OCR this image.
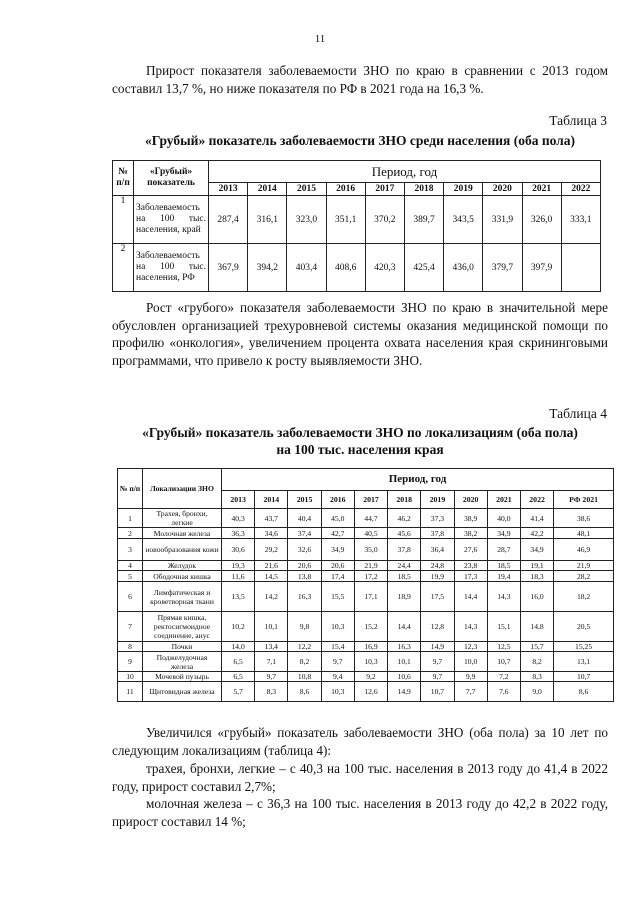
11
Прирост показателя заболеваемости ЗНО по краю в сравнении с 2013 годом составил 13,7 %, но ниже показателя по РФ в 2021 года на 16,3 %.
Таблица 3
«Грубый» показатель заболеваемости ЗНО среди населения (оба пола)
№ п/п	«Грубый» показатель	Период, год									
		2013	2014	2015	2016	2017	2018	2019	2020	2021	2022
1	Заболеваемость на 100 тыс. населения, край	287,4	316,1	323,0	351,1	370,2	389,7	343,5	331,9	326,0	333,1
2	Заболеваемость на 100 тыс. населения, РФ	367,9	394,2	403,4	408,6	420,3	425,4	436,0	379,7	397,9	
Рост «грубого» показателя заболеваемости ЗНО по краю в значительной мере обусловлен организацией трехуровневой системы оказания медицинской помощи по профилю «онкология», увеличением процента охвата населения края скрининговыми программами, что привело к росту выявляемости ЗНО.
Таблица 4
«Грубый» показатель заболеваемости ЗНО по локализациям (оба пола)
на 100 тыс. населения края
№ п/п	Локализации ЗНО	Период, год										
		2013	2014	2015	2016	2017	2018	2019	2020	2021	2022	РФ 2021
1	Трахея, бронхи, легкие	40,3	43,7	40,4	45,0	44,7	46,2	37,3	38,9	40,0	41,4	38,6
2	Молочная железа	36,3	34,6	37,4	42,7	40,5	45,6	37,8	38,2	34,9	42,2	48,1
3	новообразования кожи	30,6	29,2	32,6	34,9	35,0	37,8	36,4	27,6	28,7	34,9	46,9
4	Желудок	19,3	21,6	20,6	20,6	21,9	24,4	24,8	23,8	18,5	19,1	21,9
5	Ободочная кишка	11,6	14,5	13,8	17,4	17,2	18,5	19,9	17,3	19,4	18,3	28,2
6	Лимфатическая и кроветворная ткани	13,5	14,2	16,3	15,5	17,1	18,9	17,5	14,4	14,3	16,0	18,2
7	Прямая кишка, ректосигмоидное соединение, анус	10,2	10,1	9,8	10,3	15,2	14,4	12,8	14,3	15,1	14,8	20,5
8	Почки	14,0	13,4	12,2	15,4	16,9	16,3	14,9	12,3	12,5	15,7	15,25
9	Поджелудочная железа	6,5	7,1	8,2	9,7	10,3	10,1	9,7	10,0	10,7	8,2	13,1
10	Мочевой пузырь	6,5	9,7	10,8	9,4	9,2	10,6	9,7	9,9	7,2	8,3	10,7
11	Щитовидная железа	5,7	8,3	8,6	10,3	12,6	14,9	10,7	7,7	7,6	9,0	8,6
Увеличился «грубый» показатель заболеваемости ЗНО (оба пола) за 10 лет по следующим локализациям (таблица 4):
трахея, бронхи, легкие – с 40,3 на 100 тыс. населения в 2013 году до 41,4 в 2022 году, прирост составил 2,7%;
молочная железа – с 36,3 на 100 тыс. населения в 2013 году до 42,2 в 2022 году, прирост составил 14 %;
